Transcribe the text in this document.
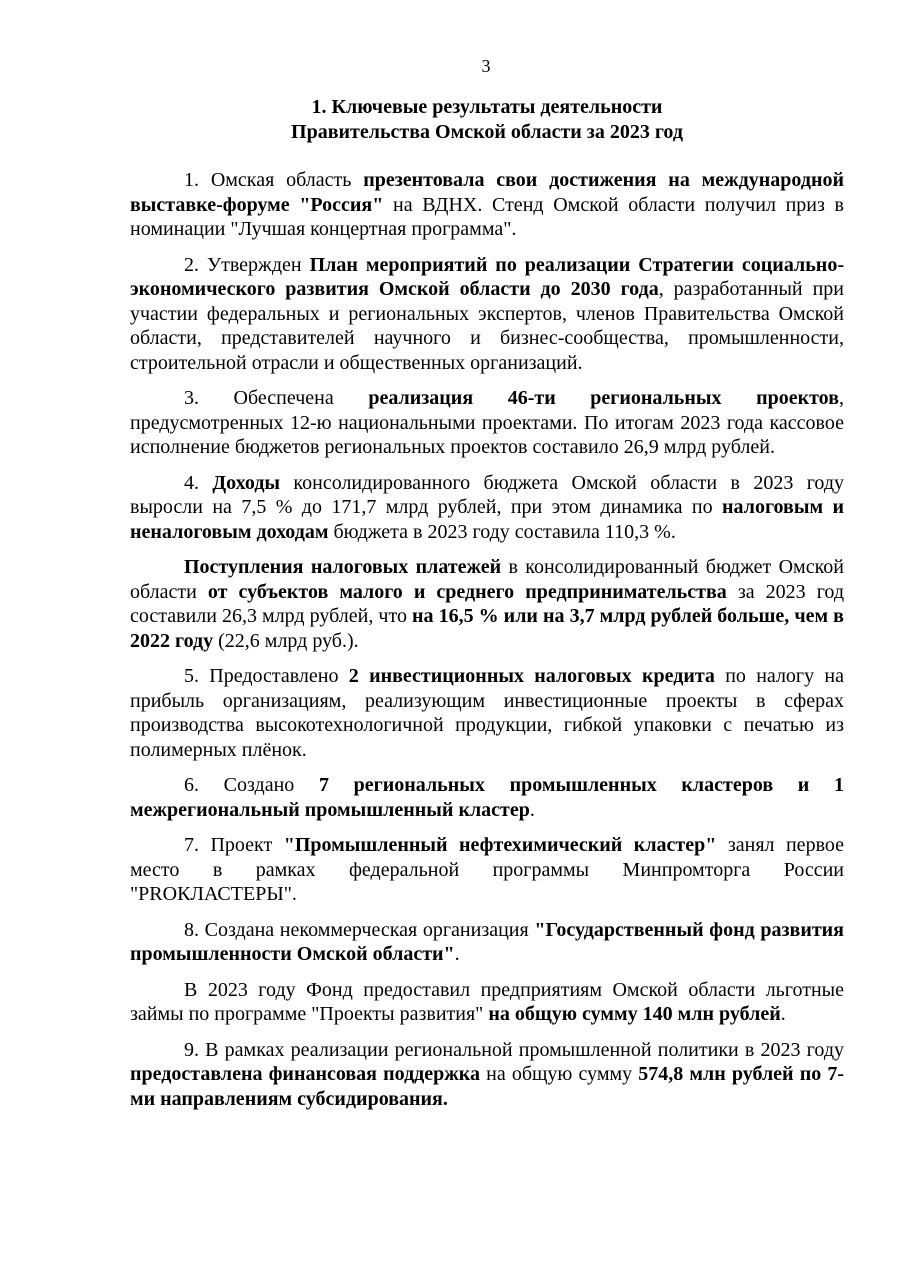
3
1. Ключевые результаты деятельности
Правительства Омской области за 2023 год

1. Омская область презентовала свои достижения на международной выставке-форуме "Россия" на ВДНХ. Стенд Омской области получил приз в номинации "Лучшая концертная программа".

2. Утвержден План мероприятий по реализации Стратегии социально-экономического развития Омской области до 2030 года, разработанный при участии федеральных и региональных экспертов, членов Правительства Омской области, представителей научного и бизнес-сообщества, промышленности, строительной отрасли и общественных организаций.

3. Обеспечена реализация 46-ти региональных проектов, предусмотренных 12-ю национальными проектами. По итогам 2023 года кассовое исполнение бюджетов региональных проектов составило 26,9 млрд рублей.

4. Доходы консолидированного бюджета Омской области в 2023 году выросли на 7,5 % до 171,7 млрд рублей, при этом динамика по налоговым и неналоговым доходам бюджета в 2023 году составила 110,3 %.

Поступления налоговых платежей в консолидированный бюджет Омской области от субъектов малого и среднего предпринимательства за 2023 год составили 26,3 млрд рублей, что на 16,5 % или на 3,7 млрд рублей больше, чем в 2022 году (22,6 млрд руб.).

5. Предоставлено 2 инвестиционных налоговых кредита по налогу на прибыль организациям, реализующим инвестиционные проекты в сферах производства высокотехнологичной продукции, гибкой упаковки с печатью из полимерных плёнок.

6. Создано 7 региональных промышленных кластеров и 1 межрегиональный промышленный кластер.

7. Проект "Промышленный нефтехимический кластер" занял первое место в рамках федеральной программы Минпромторга России "PROКЛАСТЕРЫ".

8. Создана некоммерческая организация "Государственный фонд развития промышленности Омской области".

В 2023 году Фонд предоставил предприятиям Омской области льготные займы по программе "Проекты развития" на общую сумму 140 млн рублей.

9. В рамках реализации региональной промышленной политики в 2023 году предоставлена финансовая поддержка на общую сумму 574,8 млн рублей по 7-ми направлениям субсидирования.
